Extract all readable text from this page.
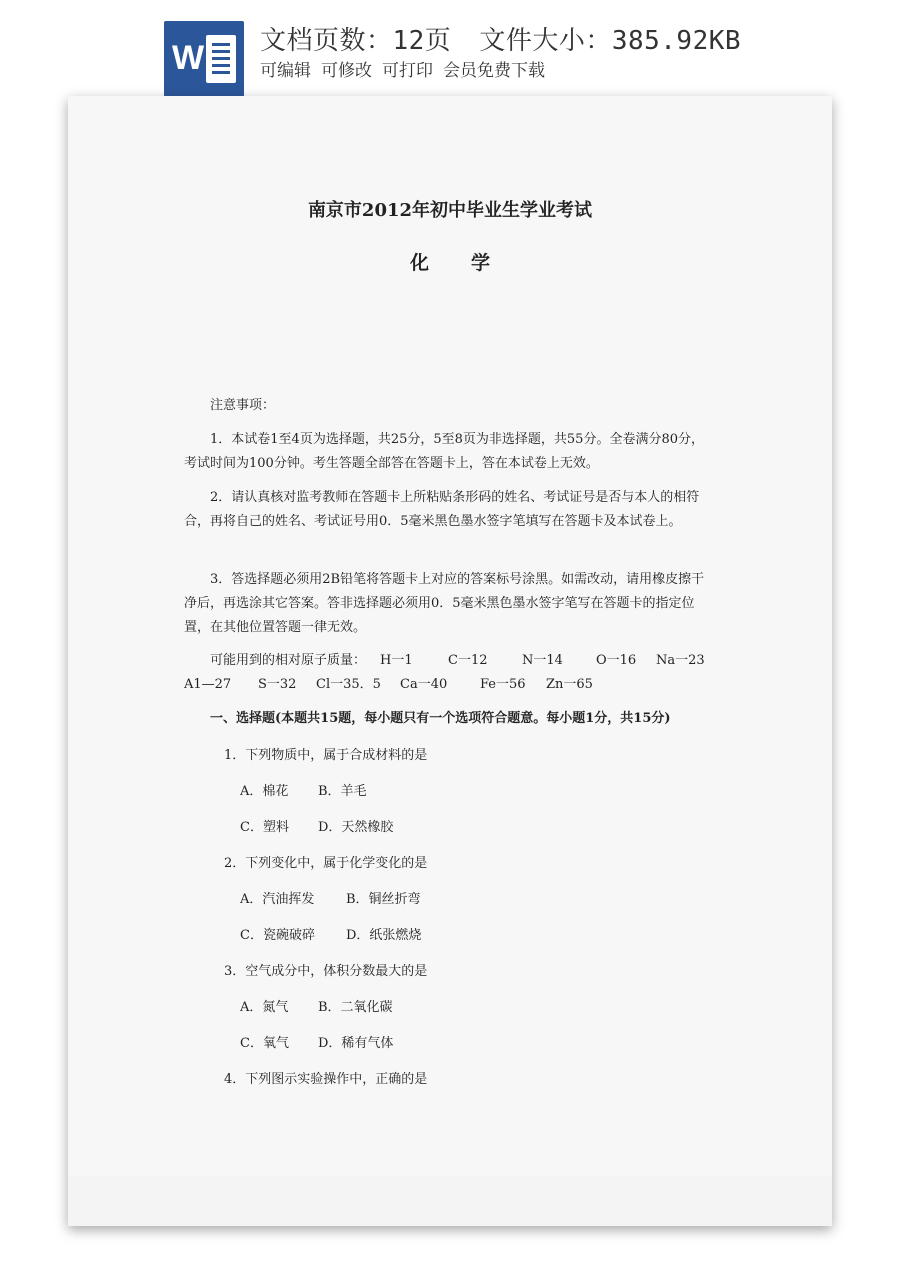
W 文档页数：12页 文件大小：385.92KB
可编辑 可修改 可打印 会员免费下载
南京市2012年初中毕业生学业考试
化学
注意事项：
1．本试卷1至4页为选择题，共25分，5至8页为非选择题，共55分。全卷满分80分，考试时间为100分钟。考生答题全部答在答题卡上，答在本试卷上无效。
2．请认真核对监考教师在答题卡上所粘贴条形码的姓名、考试证号是否与本人的相符合，再将自己的姓名、考试证号用0．5毫米黑色墨水签字笔填写在答题卡及本试卷上。
3．答选择题必须用2B铅笔将答题卡上对应的答案标号涂黑。如需改动，请用橡皮擦干净后，再选涂其它答案。答非选择题必须用0．5毫米黑色墨水签字笔写在答题卡的指定位置，在其他位置答题一律无效。
可能用到的相对原子质量： H一1	C一12	N一14	O一16 Na一23
A1—27 S一32 Cl一35．5 Ca一40	Fe一56 Zn一65
一、选择题(本题共15题，每小题只有一个选项符合题意。每小题1分，共15分)
1．下列物质中，属于合成材料的是
A．棉花 B．羊毛
C．塑料 D．天然橡胶
2．下列变化中，属于化学变化的是
A．汽油挥发 B．铜丝折弯
C．瓷碗破碎 D．纸张燃烧
3．空气成分中，体积分数最大的是
A．氮气 B．二氧化碳
C．氧气 D．稀有气体
4．下列图示实验操作中，正确的是
